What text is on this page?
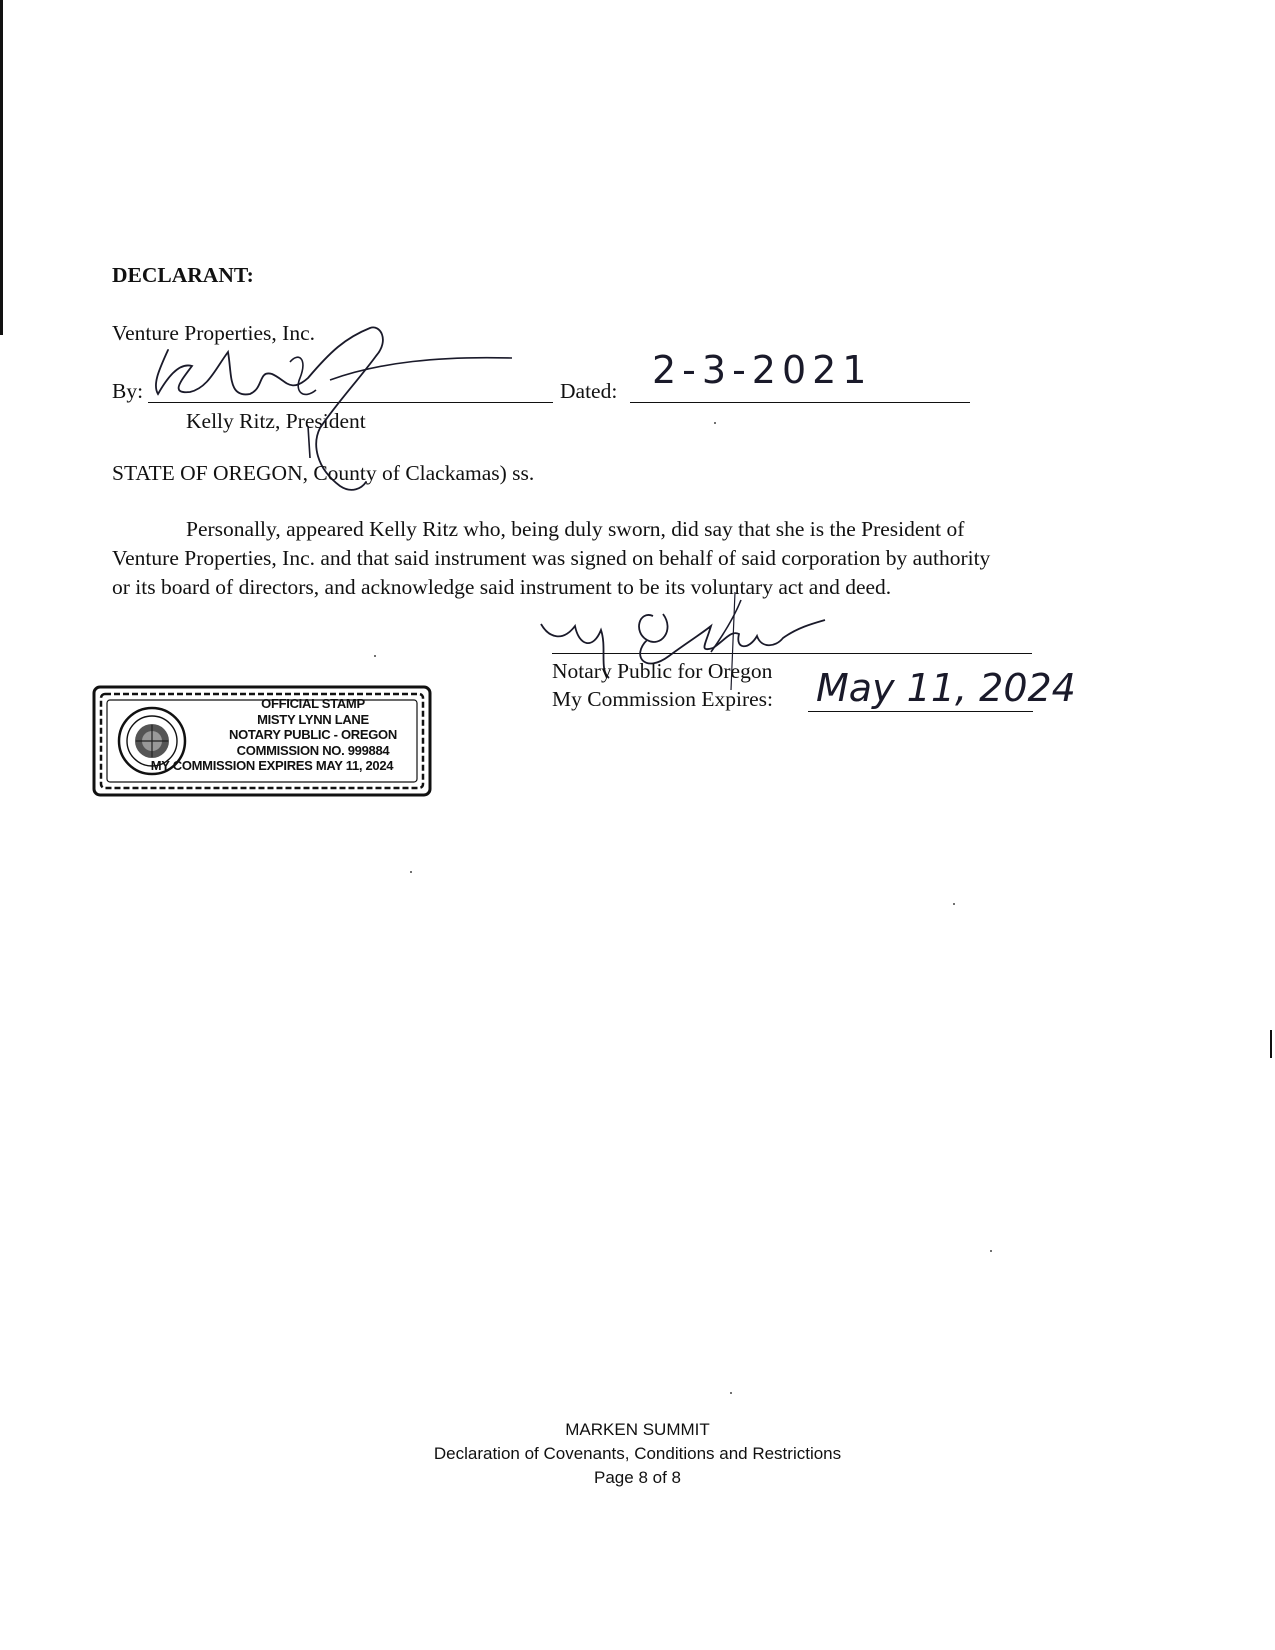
DECLARANT:
Venture Properties, Inc.
By:	Dated: 2-3-2021
Kelly Ritz, President
STATE OF OREGON, County of Clackamas) ss.
Personally, appeared Kelly Ritz who, being duly sworn, did say that she is the President of
Venture Properties, Inc. and that said instrument was signed on behalf of said corporation by authority
or its board of directors, and acknowledge said instrument to be its voluntary act and deed.
Notary Public for Oregon
My Commission Expires: May 11, 2024
OFFICIAL STAMP
MISTY LYNN LANE
NOTARY PUBLIC - OREGON
COMMISSION NO. 999884
MY COMMISSION EXPIRES MAY 11, 2024
MARKEN SUMMIT
Declaration of Covenants, Conditions and Restrictions
Page 8 of 8
